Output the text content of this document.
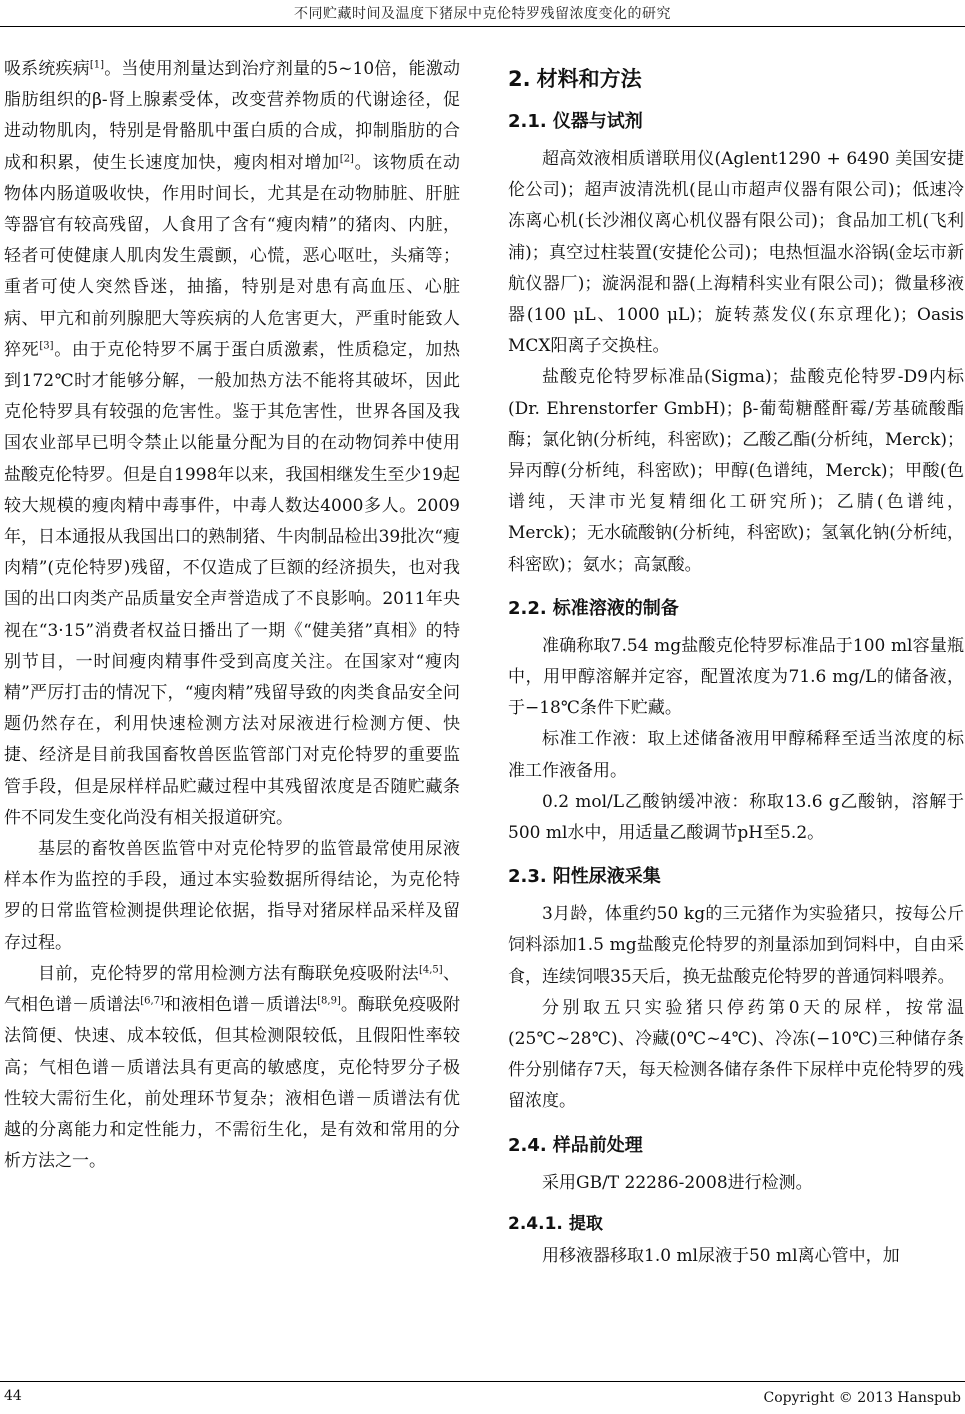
不同贮藏时间及温度下猪尿中克伦特罗残留浓度变化的研究

吸系统疾病[1]。当使用剂量达到治疗剂量的5~10倍，能激动脂肪组织的β-肾上腺素受体，改变营养物质的代谢途径，促进动物肌肉，特别是骨骼肌中蛋白质的合成，抑制脂肪的合成和积累，使生长速度加快，瘦肉相对增加[2]。该物质在动物体内肠道吸收快，作用时间长，尤其是在动物肺脏、肝脏等器官有较高残留，人食用了含有“瘦肉精”的猪肉、内脏，轻者可使健康人肌肉发生震颤，心慌，恶心呕吐，头痛等；重者可使人突然昏迷，抽搐，特别是对患有高血压、心脏病、甲亢和前列腺肥大等疾病的人危害更大，严重时能致人猝死[3]。由于克伦特罗不属于蛋白质激素，性质稳定，加热到172℃时才能够分解，一般加热方法不能将其破坏，因此克伦特罗具有较强的危害性。鉴于其危害性，世界各国及我国农业部早已明令禁止以能量分配为目的在动物饲养中使用盐酸克伦特罗。但是自1998年以来，我国相继发生至少19起较大规模的瘦肉精中毒事件，中毒人数达4000多人。2009年，日本通报从我国出口的熟制猪、牛肉制品检出39批次“瘦肉精”(克伦特罗)残留，不仅造成了巨额的经济损失，也对我国的出口肉类产品质量安全声誉造成了不良影响。2011年央视在“3·15”消费者权益日播出了一期《“健美猪”真相》的特别节目，一时间瘦肉精事件受到高度关注。在国家对“瘦肉精”严厉打击的情况下，“瘦肉精”残留导致的肉类食品安全问题仍然存在，利用快速检测方法对尿液进行检测方便、快捷、经济是目前我国畜牧兽医监管部门对克伦特罗的重要监管手段，但是尿样样品贮藏过程中其残留浓度是否随贮藏条件不同发生变化尚没有相关报道研究。

基层的畜牧兽医监管中对克伦特罗的监管最常使用尿液样本作为监控的手段，通过本实验数据所得结论，为克伦特罗的日常监管检测提供理论依据，指导对猪尿样品采样及留存过程。

目前，克伦特罗的常用检测方法有酶联免疫吸附法[4,5]、气相色谱－质谱法[6,7]和液相色谱－质谱法[8,9]。酶联免疫吸附法简便、快速、成本较低，但其检测限较低，且假阳性率较高；气相色谱－质谱法具有更高的敏感度，克伦特罗分子极性较大需衍生化，前处理环节复杂；液相色谱－质谱法有优越的分离能力和定性能力，不需衍生化，是有效和常用的分析方法之一。

2. 材料和方法
2.1. 仪器与试剂

超高效液相质谱联用仪(Aglent1290 + 6490 美国安捷伦公司)；超声波清洗机(昆山市超声仪器有限公司)；低速冷冻离心机(长沙湘仪离心机仪器有限公司)；食品加工机(飞利浦)；真空过柱装置(安捷伦公司)；电热恒温水浴锅(金坛市新航仪器厂)；漩涡混和器(上海精科实业有限公司)；微量移液器(100 μL、1000 μL)；旋转蒸发仪(东京理化)；Oasis MCX阳离子交换柱。

盐酸克伦特罗标准品(Sigma)；盐酸克伦特罗-D9内标(Dr. Ehrenstorfer GmbH)；β-葡萄糖醛酐霉/芳基硫酸酯酶；氯化钠(分析纯，科密欧)；乙酸乙酯(分析纯，Merck)；异丙醇(分析纯，科密欧)；甲醇(色谱纯，Merck)；甲酸(色谱纯，天津市光复精细化工研究所)；乙腈(色谱纯，Merck)；无水硫酸钠(分析纯，科密欧)；氢氧化钠(分析纯，科密欧)；氨水；高氯酸。

2.2. 标准溶液的制备

准确称取7.54 mg盐酸克伦特罗标准品于100 ml容量瓶中，用甲醇溶解并定容，配置浓度为71.6 mg/L的储备液，于−18℃条件下贮藏。

标准工作液：取上述储备液用甲醇稀释至适当浓度的标准工作液备用。

0.2 mol/L乙酸钠缓冲液：称取13.6 g乙酸钠，溶解于500 ml水中，用适量乙酸调节pH至5.2。

2.3. 阳性尿液采集

3月龄，体重约50 kg的三元猪作为实验猪只，按每公斤饲料添加1.5 mg盐酸克伦特罗的剂量添加到饲料中，自由采食，连续饲喂35天后，换无盐酸克伦特罗的普通饲料喂养。

分别取五只实验猪只停药第0天的尿样，按常温(25℃~28℃)、冷藏(0℃~4℃)、冷冻(−10℃)三种储存条件分别储存7天，每天检测各储存条件下尿样中克伦特罗的残留浓度。

2.4. 样品前处理

采用GB/T 22286-2008进行检测。

2.4.1. 提取

用移液器移取1.0 ml尿液于50 ml离心管中，加

44	Copyright © 2013 Hanspub
